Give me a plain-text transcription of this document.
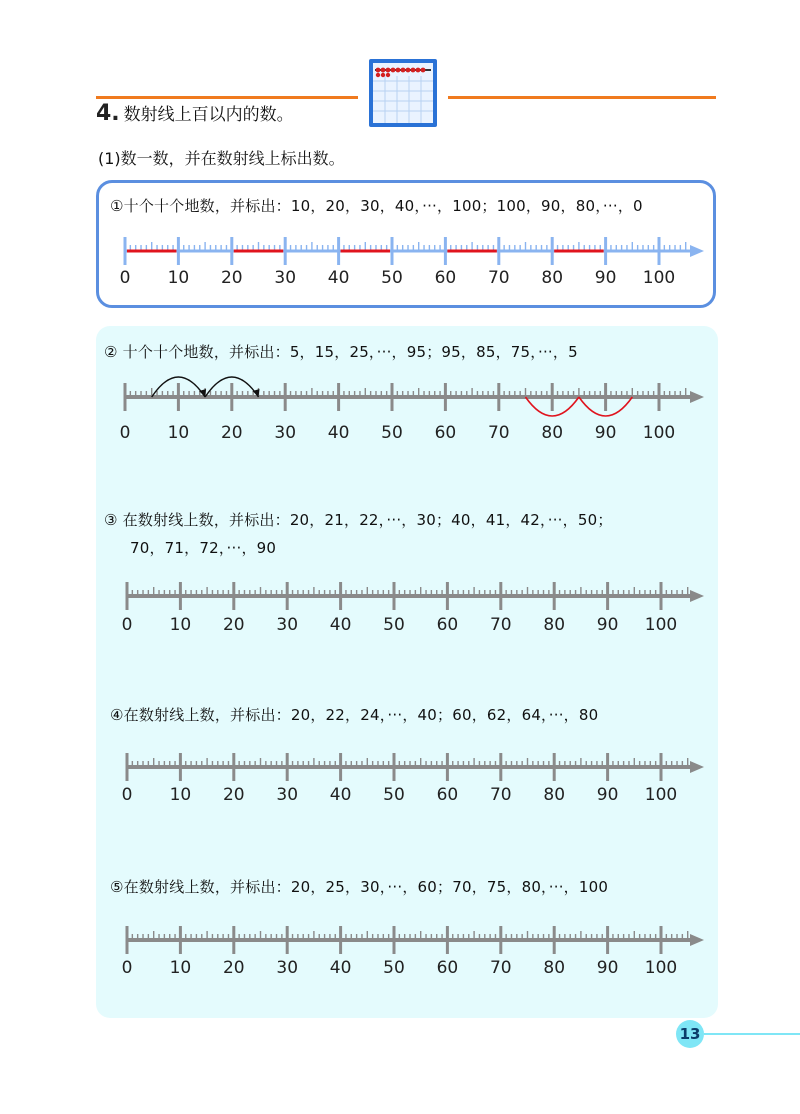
4. 数射线上百以内的数。
(1)数一数，并在数射线上标出数。
①十个十个地数，并标出：10，20，30，40，···，100；100，90，80，···，0
② 十个十个地数，并标出：5，15，25，···，95；95，85，75，···，5
③ 在数射线上数，并标出：20，21，22，···，30；40，41，42，···，50；
70，71，72，···，90
④在数射线上数，并标出：20，22，24，···，40；60，62，64，···，80
⑤在数射线上数，并标出：20，25，30，···，60；70，75，80，···，100
0 10 20 30 40 50 60 70 80 90 100
0 10 20 30 40 50 60 70 80 90 100
0 10 20 30 40 50 60 70 80 90 100
0 10 20 30 40 50 60 70 80 90 100
0 10 20 30 40 50 60 70 80 90 100
13
